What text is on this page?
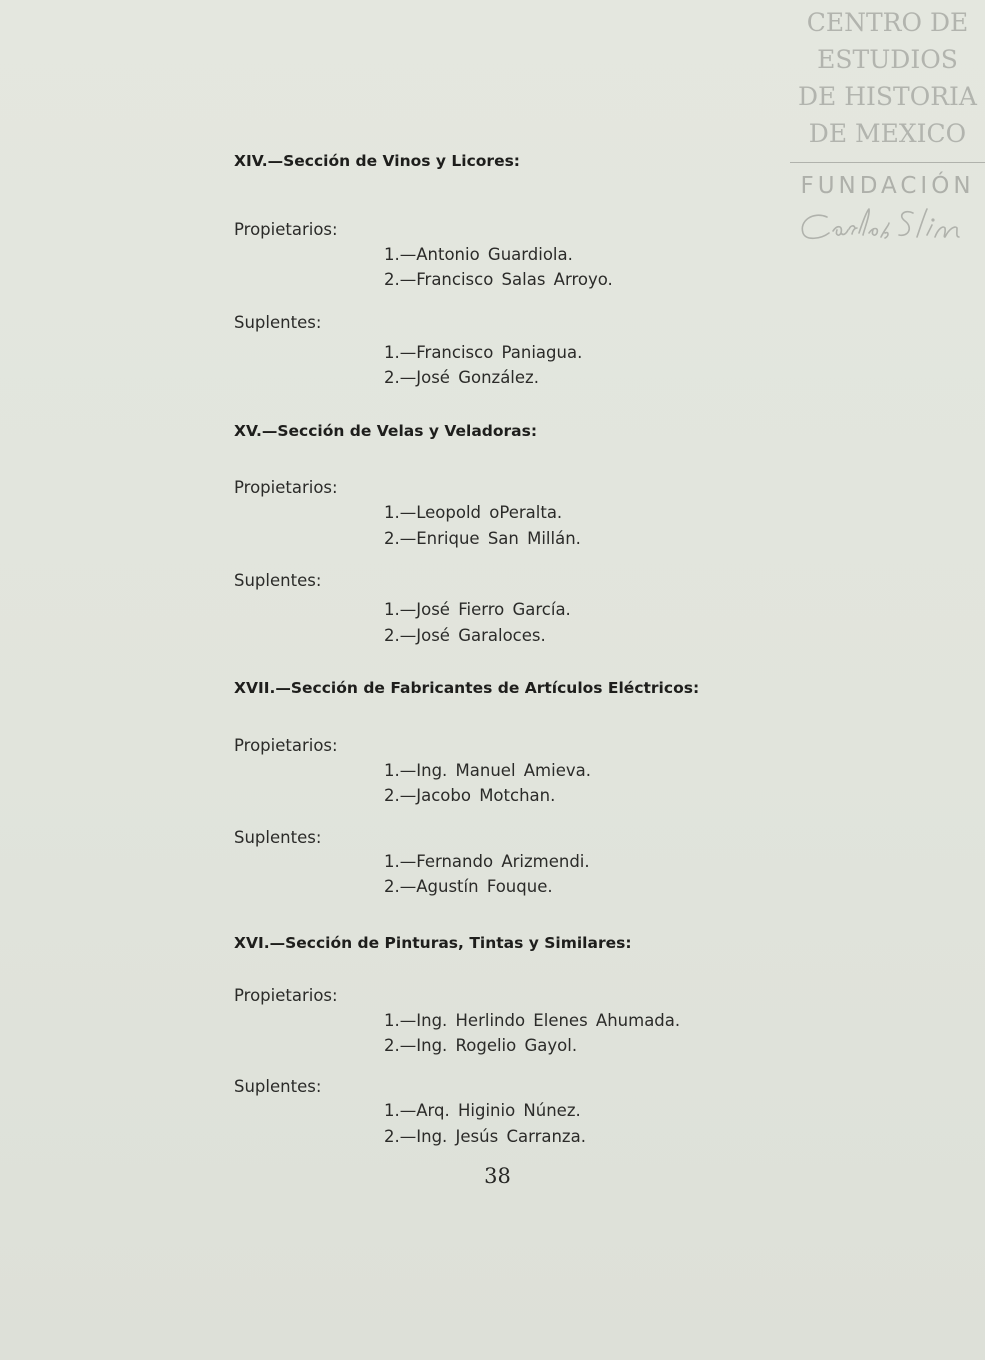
CENTRO DE
ESTUDIOS
DE HISTORIA
DE MEXICO
FUNDACIÓN
XIV.—Sección de Vinos y Licores:
Propietarios:
1.—Antonio Guardiola.
2.—Francisco Salas Arroyo.
Suplentes:
1.—Francisco Paniagua.
2.—José González.
XV.—Sección de Velas y Veladoras:
Propietarios:
1.—Leopold oPeralta.
2.—Enrique San Millán.
Suplentes:
1.—José Fierro García.
2.—José Garaloces.
XVII.—Sección de Fabricantes de Artículos Eléctricos:
Propietarios:
1.—Ing. Manuel Amieva.
2.—Jacobo Motchan.
Suplentes:
1.—Fernando Arizmendi.
2.—Agustín Fouque.
XVI.—Sección de Pinturas, Tintas y Similares:
Propietarios:
1.—Ing. Herlindo Elenes Ahumada.
2.—Ing. Rogelio Gayol.
Suplentes:
1.—Arq. Higinio Núnez.
2.—Ing. Jesús Carranza.
38
